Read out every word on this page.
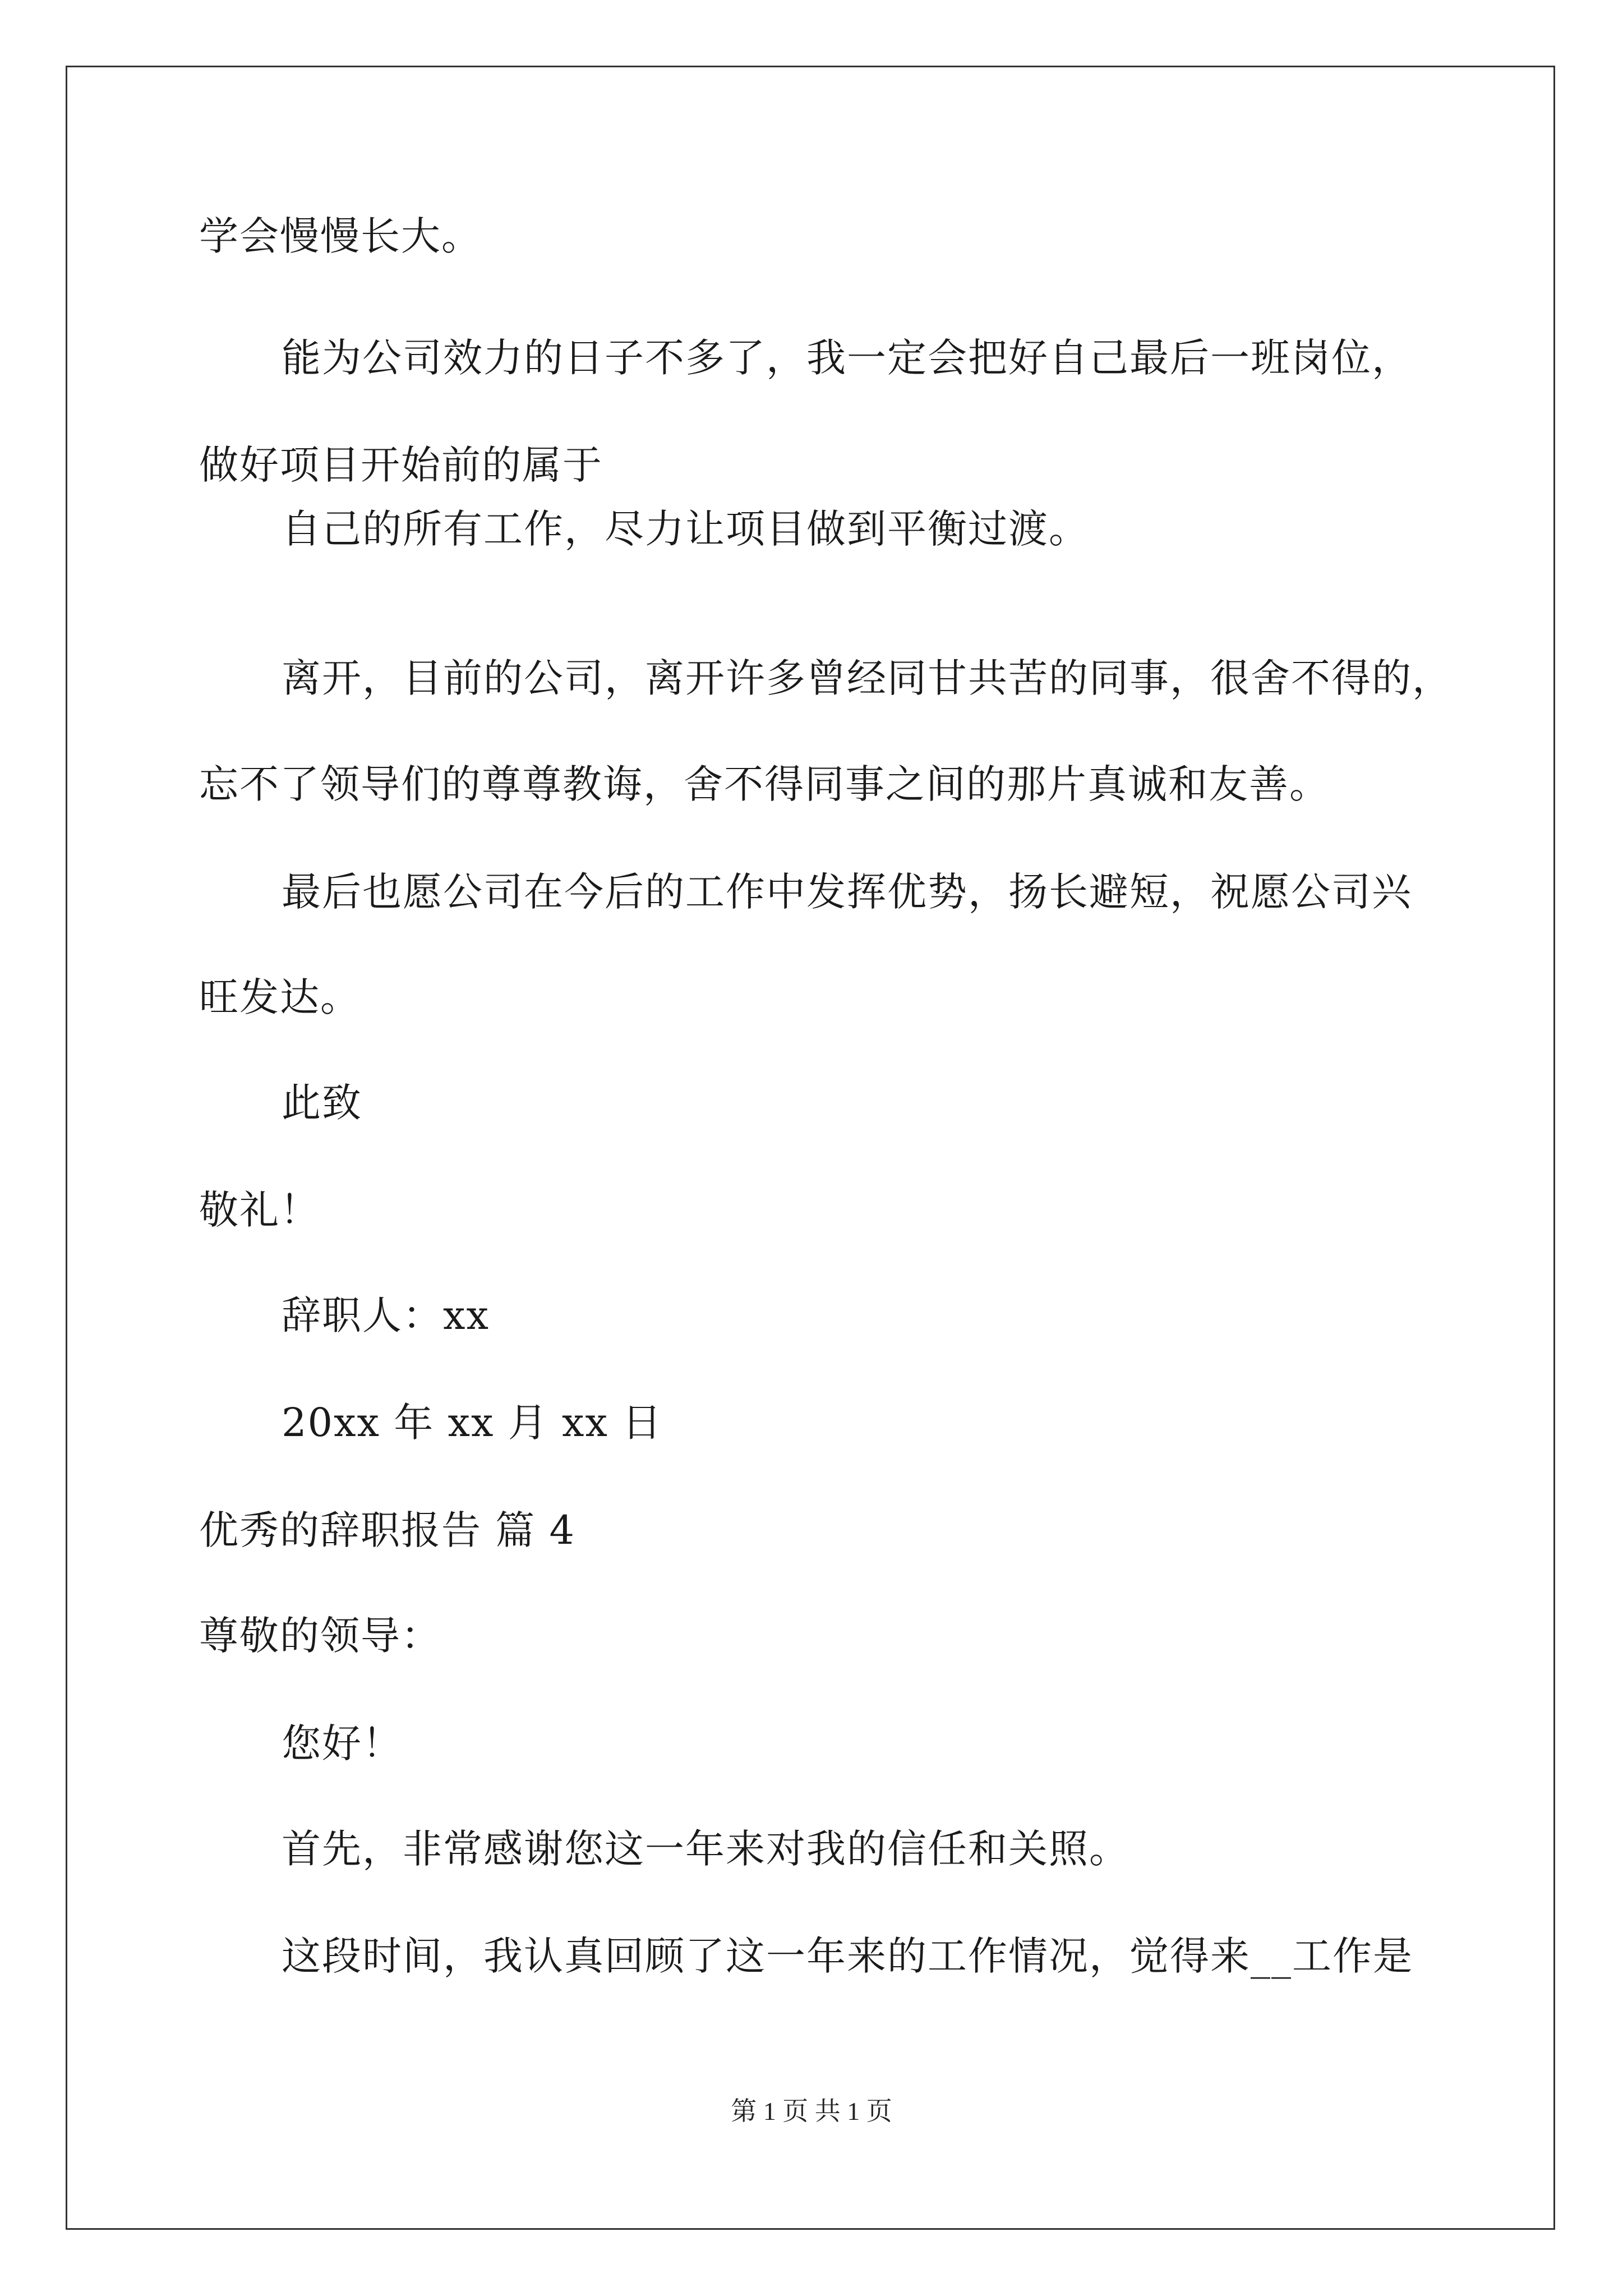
学会慢慢长大。
能为公司效力的日子不多了，我一定会把好自己最后一班岗位，
做好项目开始前的属于
自己的所有工作，尽力让项目做到平衡过渡。
离开，目前的公司，离开许多曾经同甘共苦的同事，很舍不得的，
忘不了领导们的尊尊教诲，舍不得同事之间的那片真诚和友善。
最后也愿公司在今后的工作中发挥优势，扬长避短，祝愿公司兴
旺发达。
此致
敬礼！
辞职人：xx
20xx 年 xx 月 xx 日
优秀的辞职报告 篇 4
尊敬的领导：
您好！
首先，非常感谢您这一年来对我的信任和关照。
这段时间，我认真回顾了这一年来的工作情况，觉得来__工作是
第 1 页 共 1 页
